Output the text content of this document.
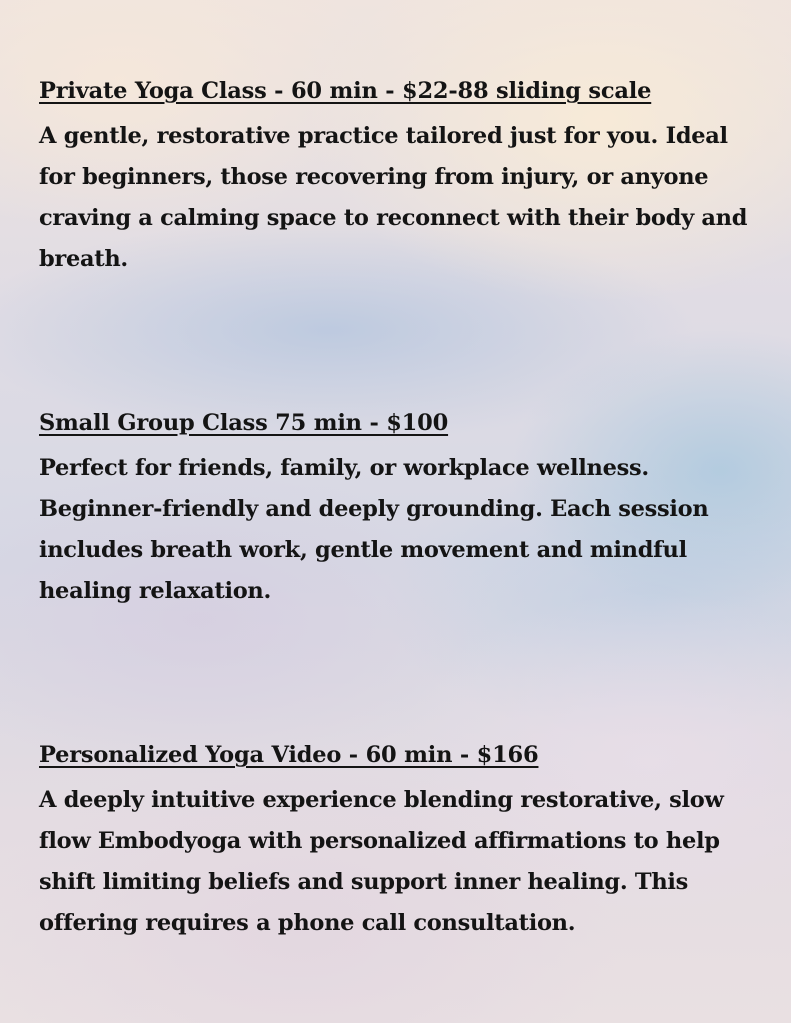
Private Yoga Class - 60 min - $22-88 sliding scale

A gentle, restorative practice tailored just for you. Ideal for beginners, those recovering from injury, or anyone craving a calming space to reconnect with their body and breath.

Small Group Class 75 min - $100

Perfect for friends, family, or workplace wellness. Beginner-friendly and deeply grounding. Each session includes breath work, gentle movement and mindful healing relaxation.

Personalized Yoga Video - 60 min - $166

A deeply intuitive experience blending restorative, slow flow Embodyoga with personalized affirmations to help shift limiting beliefs and support inner healing. This offering requires a phone call consultation.
